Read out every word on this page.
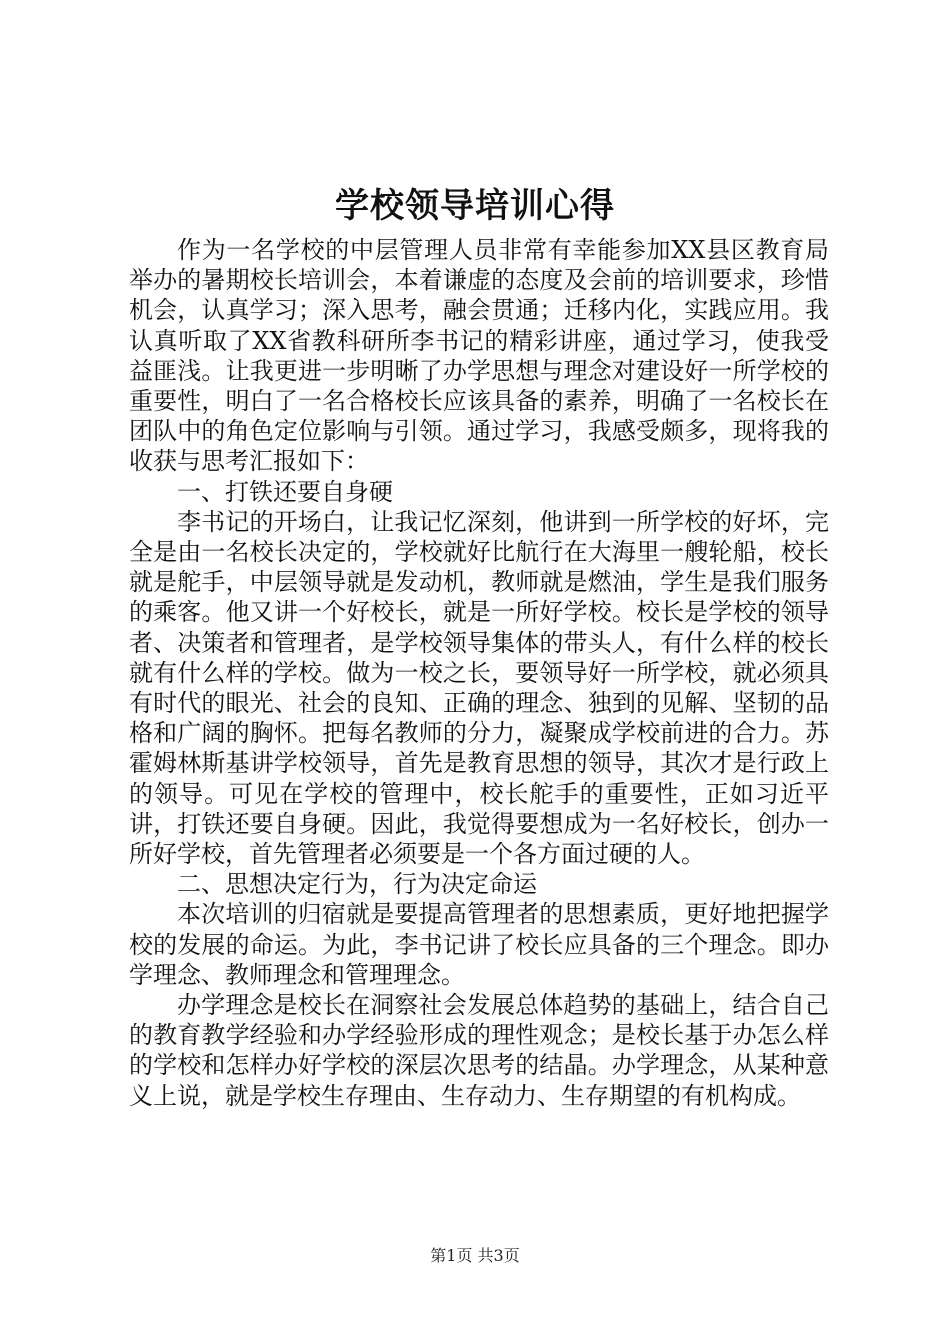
学校领导培训心得

作为一名学校的中层管理人员非常有幸能参加XX县区教育局举办的暑期校长培训会，本着谦虚的态度及会前的培训要求，珍惜机会，认真学习；深入思考，融会贯通；迁移内化，实践应用。我认真听取了XX省教科研所李书记的精彩讲座，通过学习，使我受益匪浅。让我更进一步明晰了办学思想与理念对建设好一所学校的重要性，明白了一名合格校长应该具备的素养，明确了一名校长在团队中的角色定位影响与引领。通过学习，我感受颇多，现将我的收获与思考汇报如下：

一、打铁还要自身硬

李书记的开场白，让我记忆深刻，他讲到一所学校的好坏，完全是由一名校长决定的，学校就好比航行在大海里一艘轮船，校长就是舵手，中层领导就是发动机，教师就是燃油，学生是我们服务的乘客。他又讲一个好校长，就是一所好学校。校长是学校的领导者、决策者和管理者，是学校领导集体的带头人，有什么样的校长就有什么样的学校。做为一校之长，要领导好一所学校，就必须具有时代的眼光、社会的良知、正确的理念、独到的见解、坚韧的品格和广阔的胸怀。把每名教师的分力，凝聚成学校前进的合力。苏霍姆林斯基讲学校领导，首先是教育思想的领导，其次才是行政上的领导。可见在学校的管理中，校长舵手的重要性，正如习近平讲，打铁还要自身硬。因此，我觉得要想成为一名好校长，创办一所好学校，首先管理者必须要是一个各方面过硬的人。

二、思想决定行为，行为决定命运

本次培训的归宿就是要提高管理者的思想素质，更好地把握学校的发展的命运。为此，李书记讲了校长应具备的三个理念。即办学理念、教师理念和管理理念。

办学理念是校长在洞察社会发展总体趋势的基础上，结合自己的教育教学经验和办学经验形成的理性观念；是校长基于办怎么样的学校和怎样办好学校的深层次思考的结晶。办学理念，从某种意义上说，就是学校生存理由、生存动力、生存期望的有机构成。

第1页 共3页
